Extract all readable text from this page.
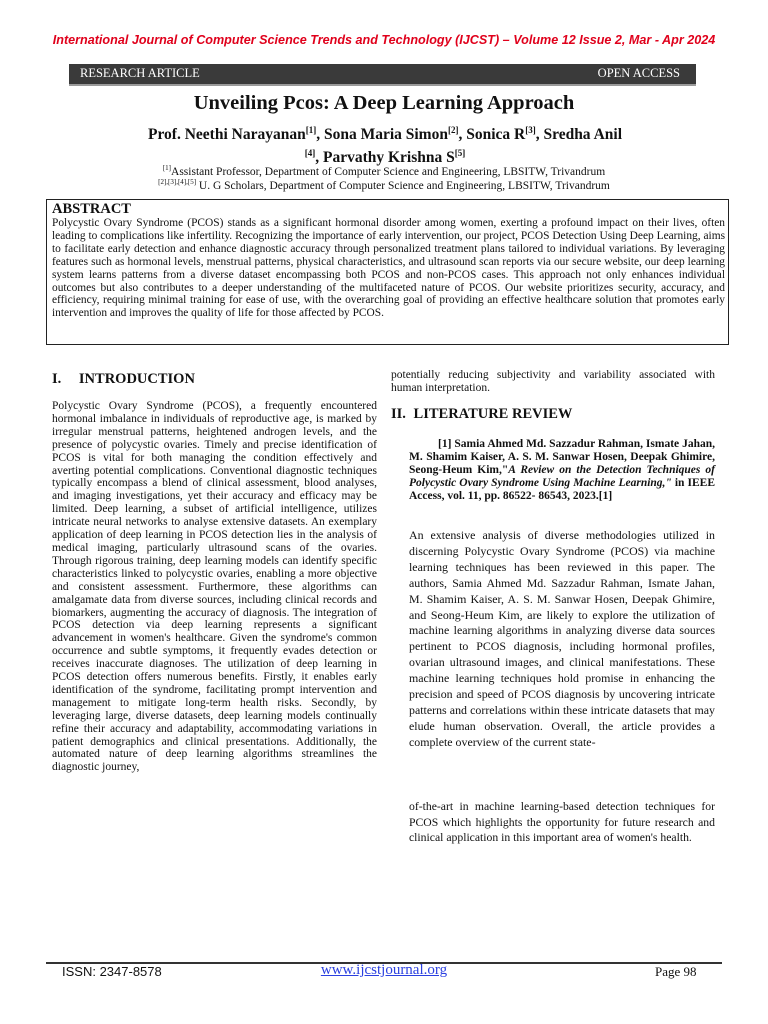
International Journal of Computer Science Trends and Technology (IJCST) – Volume 12 Issue 2, Mar - Apr 2024
RESEARCH ARTICLE	OPEN ACCESS
Unveiling Pcos: A Deep Learning Approach
Prof. Neethi Narayanan[1], Sona Maria Simon[2], Sonica R[3], Sredha Anil
[4], Parvathy Krishna S[5]
[1]Assistant Professor, Department of Computer Science and Engineering, LBSITW, Trivandrum
[2],[3],[4],[5] U. G Scholars, Department of Computer Science and Engineering, LBSITW, Trivandrum
ABSTRACT
Polycystic Ovary Syndrome (PCOS) stands as a significant hormonal disorder among women, exerting a profound impact on their lives, often leading to complications like infertility. Recognizing the importance of early intervention, our project, PCOS Detection Using Deep Learning, aims to facilitate early detection and enhance diagnostic accuracy through personalized treatment plans tailored to individual variations. By leveraging features such as hormonal levels, menstrual patterns, physical characteristics, and ultrasound scan reports via our secure website, our deep learning system learns patterns from a diverse dataset encompassing both PCOS and non-PCOS cases. This approach not only enhances individual outcomes but also contributes to a deeper understanding of the multifaceted nature of PCOS. Our website prioritizes security, accuracy, and efficiency, requiring minimal training for ease of use, with the overarching goal of providing an effective healthcare solution that promotes early intervention and improves the quality of life for those affected by PCOS.
I. INTRODUCTION
Polycystic Ovary Syndrome (PCOS), a frequently encountered hormonal imbalance in individuals of reproductive age, is marked by irregular menstrual patterns, heightened androgen levels, and the presence of polycystic ovaries. Timely and precise identification of PCOS is vital for both managing the condition effectively and averting potential complications. Conventional diagnostic techniques typically encompass a blend of clinical assessment, blood analyses, and imaging investigations, yet their accuracy and efficacy may be limited. Deep learning, a subset of artificial intelligence, utilizes intricate neural networks to analyse extensive datasets. An exemplary application of deep learning in PCOS detection lies in the analysis of medical imaging, particularly ultrasound scans of the ovaries. Through rigorous training, deep learning models can identify specific characteristics linked to polycystic ovaries, enabling a more objective and consistent assessment. Furthermore, these algorithms can amalgamate data from diverse sources, including clinical records and biomarkers, augmenting the accuracy of diagnosis. The integration of PCOS detection via deep learning represents a significant advancement in women's healthcare. Given the syndrome's common occurrence and subtle symptoms, it frequently evades detection or receives inaccurate diagnoses. The utilization of deep learning in PCOS detection offers numerous benefits. Firstly, it enables early identification of the syndrome, facilitating prompt intervention and management to mitigate long-term health risks. Secondly, by leveraging large, diverse datasets, deep learning models continually refine their accuracy and adaptability, accommodating variations in patient demographics and clinical presentations. Additionally, the automated nature of deep learning algorithms streamlines the diagnostic journey,
potentially reducing subjectivity and variability associated with human interpretation.
II. LITERATURE REVIEW
[1] Samia Ahmed Md. Sazzadur Rahman, Ismate Jahan, M. Shamim Kaiser, A. S. M. Sanwar Hosen, Deepak Ghimire, Seong-Heum Kim,"A Review on the Detection Techniques of Polycystic Ovary Syndrome Using Machine Learning," in IEEE Access, vol. 11, pp. 86522- 86543, 2023.[1]
An extensive analysis of diverse methodologies utilized in discerning Polycystic Ovary Syndrome (PCOS) via machine learning techniques has been reviewed in this paper. The authors, Samia Ahmed Md. Sazzadur Rahman, Ismate Jahan, M. Shamim Kaiser, A. S. M. Sanwar Hosen, Deepak Ghimire, and Seong-Heum Kim, are likely to explore the utilization of machine learning algorithms in analyzing diverse data sources pertinent to PCOS diagnosis, including hormonal profiles, ovarian ultrasound images, and clinical manifestations. These machine learning techniques hold promise in enhancing the precision and speed of PCOS diagnosis by uncovering intricate patterns and correlations within these intricate datasets that may elude human observation. Overall, the article provides a complete overview of the current state-
of-the-art in machine learning-based detection techniques for PCOS which highlights the opportunity for future research and clinical application in this important area of women's health.
ISSN: 2347-8578	www.ijcstjournal.org	Page 98
